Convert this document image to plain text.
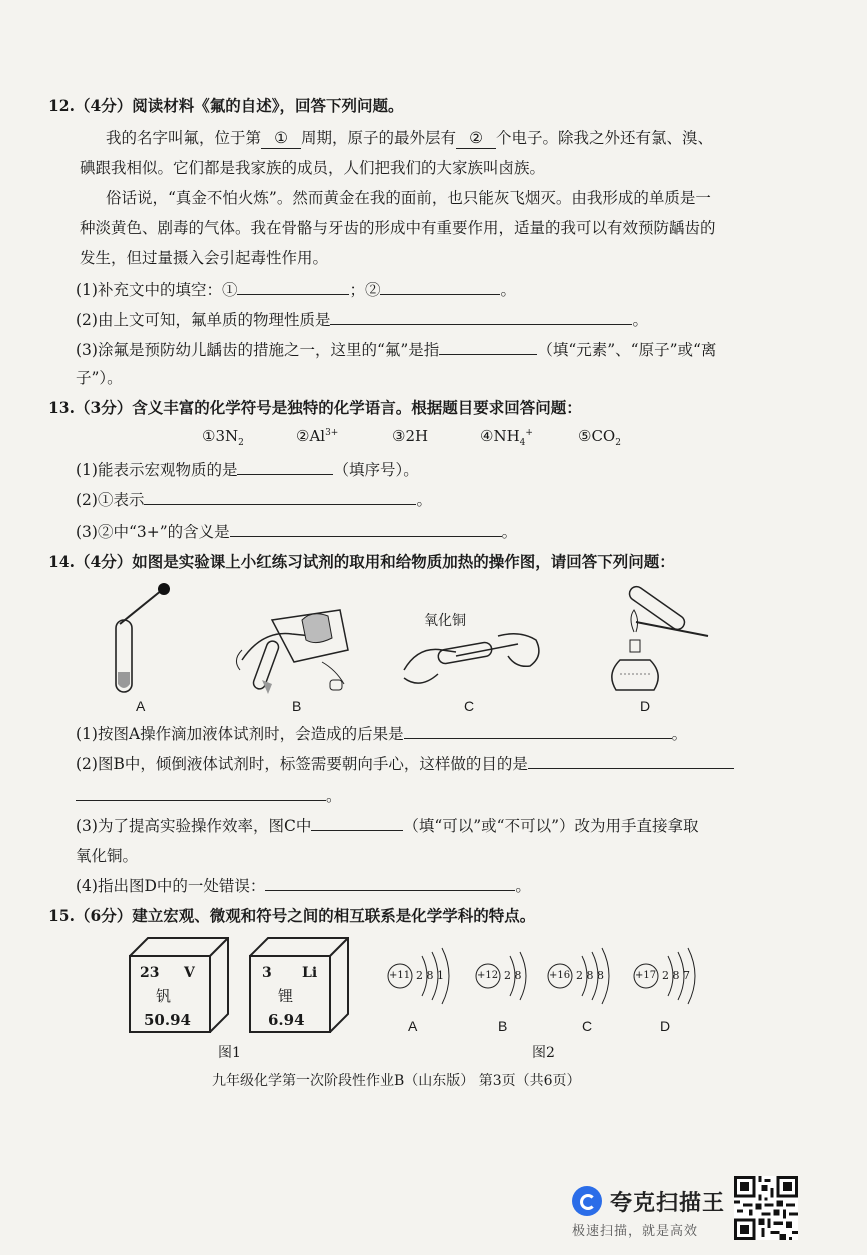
12.（4分）阅读材料《氟的自述》，回答下列问题。
我的名字叫氟，位于第 ① 周期，原子的最外层有 ② 个电子。除我之外还有氯、溴、
碘跟我相似。它们都是我家族的成员，人们把我们的大家族叫卤族。
俗话说，“真金不怕火炼”。然而黄金在我的面前，也只能灰飞烟灭。由我形成的单质是一
种淡黄色、剧毒的气体。我在骨骼与牙齿的形成中有重要作用，适量的我可以有效预防龋齿的
发生，但过量摄入会引起毒性作用。
(1)补充文中的填空：①	；②	。
(2)由上文可知，氟单质的物理性质是	。
(3)涂氟是预防幼儿龋齿的措施之一，这里的“氟”是指	（填“元素”、“原子”或“离
子”）。
13.（3分）含义丰富的化学符号是独特的化学语言。根据题目要求回答问题：
$①3N_2$	$②Al^{3+}$	③2H	$④NH_4^+$	$⑤CO_2$
(1)能表示宏观物质的是	（填序号）。
(2)①表示	。
(3)②中“3+”的含义是	。
14.（4分）如图是实验课上小红练习试剂的取用和给物质加热的操作图，请回答下列问题：
A	B
氧化铜
C	D
(1)按图A操作滴加液体试剂时，会造成的后果是	。
(2)图B中，倾倒液体试剂时，标签需要朝向手心，这样做的目的是
。
(3)为了提高实验操作效率，图C中	（填“可以”或“不可以”）改为用手直接拿取
氧化铜。
(4)指出图D中的一处错误：	。
15.（6分）建立宏观、微观和符号之间的相互联系是化学学科的特点。
23 V
钒
50.94
3 Li
锂
6.94
图1
+11 2 8 1	+12 2 8	+16 2 8 8	+17 2 8 7
A	B	C	D
图2
九年级化学第一次阶段性作业B（山东版） 第3页（共6页）
夸克扫描王
极速扫描，就是高效
